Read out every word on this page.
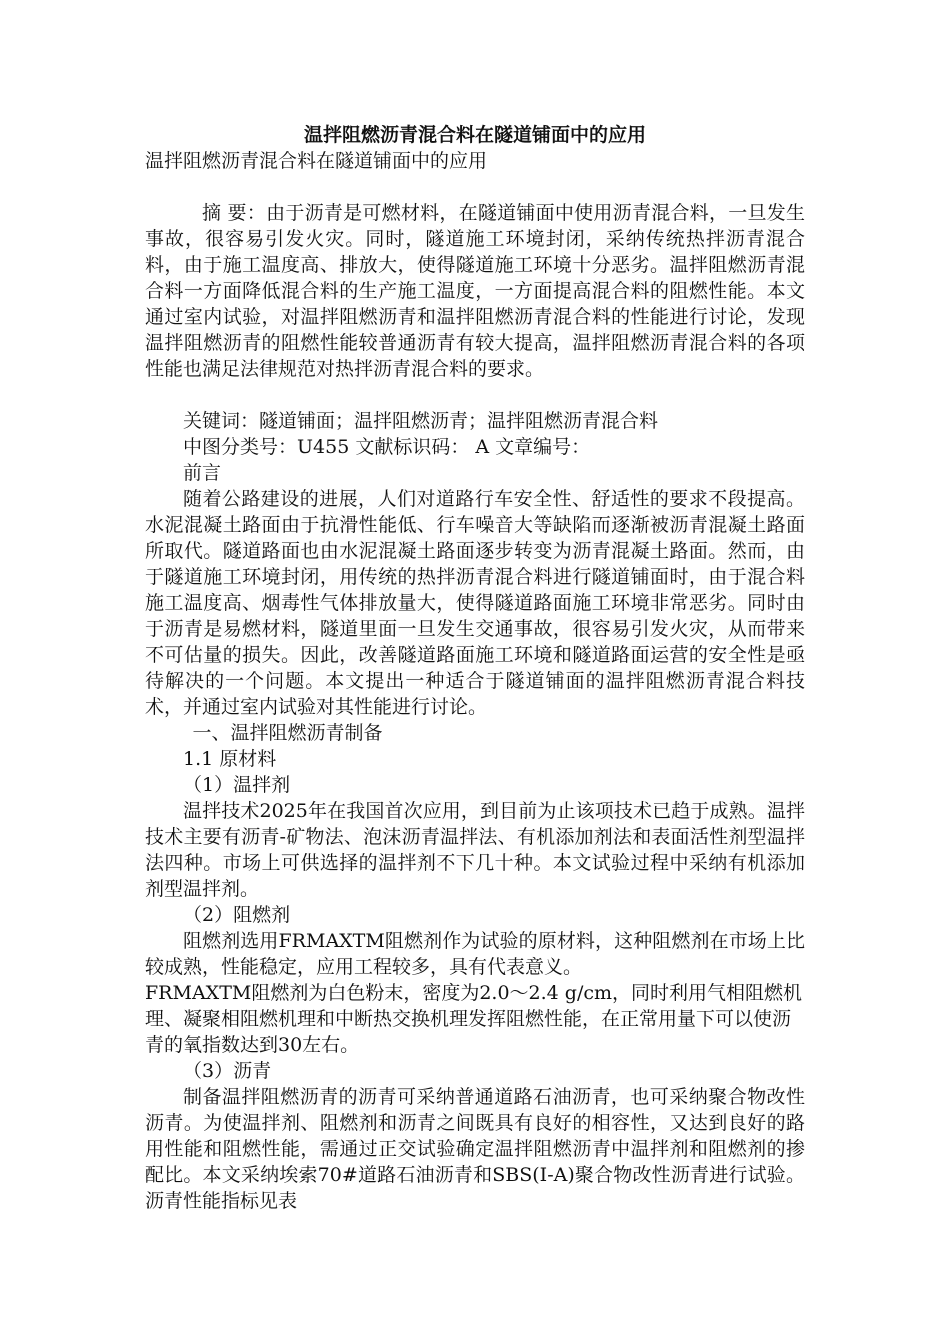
温拌阻燃沥青混合料在隧道铺面中的应用

温拌阻燃沥青混合料在隧道铺面中的应用

摘 要：由于沥青是可燃材料，在隧道铺面中使用沥青混合料，一旦发生事故，很容易引发火灾。同时，隧道施工环境封闭，采纳传统热拌沥青混合料，由于施工温度高、排放大，使得隧道施工环境十分恶劣。温拌阻燃沥青混合料一方面降低混合料的生产施工温度，一方面提高混合料的阻燃性能。本文通过室内试验，对温拌阻燃沥青和温拌阻燃沥青混合料的性能进行讨论，发现温拌阻燃沥青的阻燃性能较普通沥青有较大提高，温拌阻燃沥青混合料的各项性能也满足法律规范对热拌沥青混合料的要求。

关键词：隧道铺面；温拌阻燃沥青；温拌阻燃沥青混合料

中图分类号：U455 文献标识码： A 文章编号：

前言

随着公路建设的进展，人们对道路行车安全性、舒适性的要求不段提高。水泥混凝土路面由于抗滑性能低、行车噪音大等缺陷而逐渐被沥青混凝土路面所取代。隧道路面也由水泥混凝土路面逐步转变为沥青混凝土路面。然而，由于隧道施工环境封闭，用传统的热拌沥青混合料进行隧道铺面时，由于混合料施工温度高、烟毒性气体排放量大，使得隧道路面施工环境非常恶劣。同时由于沥青是易燃材料，隧道里面一旦发生交通事故，很容易引发火灾，从而带来不可估量的损失。因此，改善隧道路面施工环境和隧道路面运营的安全性是亟待解决的一个问题。本文提出一种适合于隧道铺面的温拌阻燃沥青混合料技术，并通过室内试验对其性能进行讨论。

一、温拌阻燃沥青制备

1.1 原材料

（1）温拌剂

温拌技术2025年在我国首次应用，到目前为止该项技术已趋于成熟。温拌技术主要有沥青-矿物法、泡沫沥青温拌法、有机添加剂法和表面活性剂型温拌法四种。市场上可供选择的温拌剂不下几十种。本文试验过程中采纳有机添加剂型温拌剂。

（2）阻燃剂

阻燃剂选用FRMAXTM阻燃剂作为试验的原材料，这种阻燃剂在市场上比较成熟，性能稳定，应用工程较多，具有代表意义。

FRMAXTM阻燃剂为白色粉末，密度为2.0～2.4 g/cm，同时利用气相阻燃机理、凝聚相阻燃机理和中断热交换机理发挥阻燃性能，在正常用量下可以使沥青的氧指数达到30左右。

（3）沥青

制备温拌阻燃沥青的沥青可采纳普通道路石油沥青，也可采纳聚合物改性沥青。为使温拌剂、阻燃剂和沥青之间既具有良好的相容性，又达到良好的路用性能和阻燃性能，需通过正交试验确定温拌阻燃沥青中温拌剂和阻燃剂的掺配比。本文采纳埃索70#道路石油沥青和SBS(I-A)聚合物改性沥青进行试验。沥青性能指标见表
